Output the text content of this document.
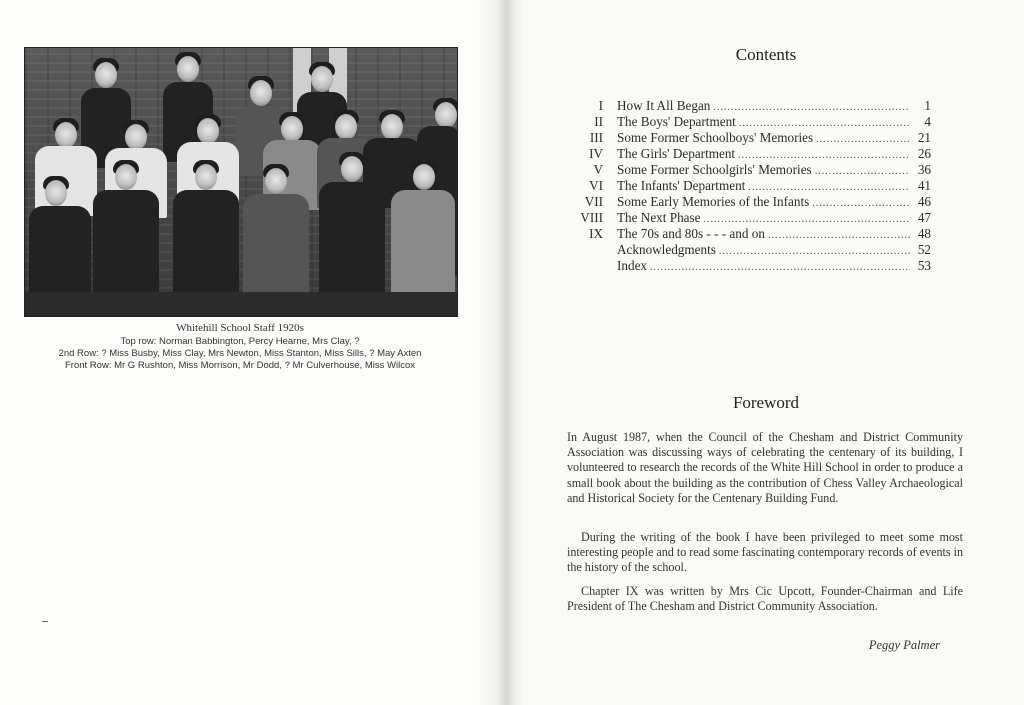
Whitehill School Staff 1920s
Top row: Norman Babbington, Percy Hearne, Mrs Clay, ?
2nd Row: ? Miss Busby, Miss Clay, Mrs Newton, Miss Stanton, Miss Sills, ? May Axten
Front Row: Mr G Rushton, Miss Morrison, Mr Dodd, ? Mr Culverhouse, Miss Wilcox
Contents
Foreword
I	How It All Began .....	1
II	The Boys' Department .....	4
III	Some Former Schoolboys' Memories .....	21
IV	The Girls' Department .....	26
V	Some Former Schoolgirls' Memories .....	36
VI	The Infants' Department .....	41
VII	Some Early Memories of the Infants .....	46
VIII	The Next Phase .....	47
IX	The 70s and 80s - - - and on .....	48
Acknowledgments .....	52
Index .....	53
In August 1987, when the Council of the Chesham and District Community Association was discussing ways of celebrating the centenary of its building, I volunteered to research the records of the White Hill School in order to produce a small book about the building as the contribution of Chess Valley Archaeological and Historical Society for the Centenary Building Fund.
During the writing of the book I have been privileged to meet some most interesting people and to read some fascinating contemporary records of events in the history of the school.
Chapter IX was written by Mrs Cic Upcott, Founder-Chairman and Life President of The Chesham and District Community Association.
Peggy Palmer
